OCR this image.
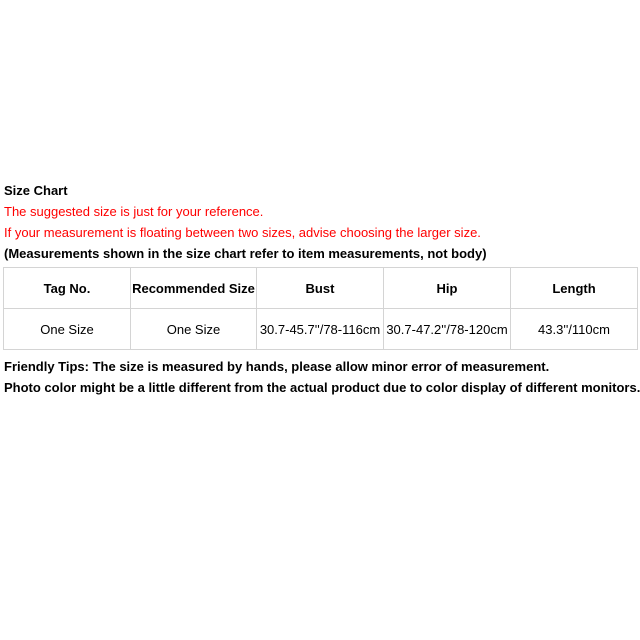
Size Chart
The suggested size is just for your reference.
If your measurement is floating between two sizes, advise choosing the larger size.
(Measurements shown in the size chart refer to item measurements, not body)
Tag No.	Recommended Size	Bust	Hip	Length
One Size	One Size	30.7-45.7''/78-116cm	30.7-47.2''/78-120cm	43.3''/110cm
Friendly Tips: The size is measured by hands, please allow minor error of measurement.
Photo color might be a little different from the actual product due to color display of different monitors.
